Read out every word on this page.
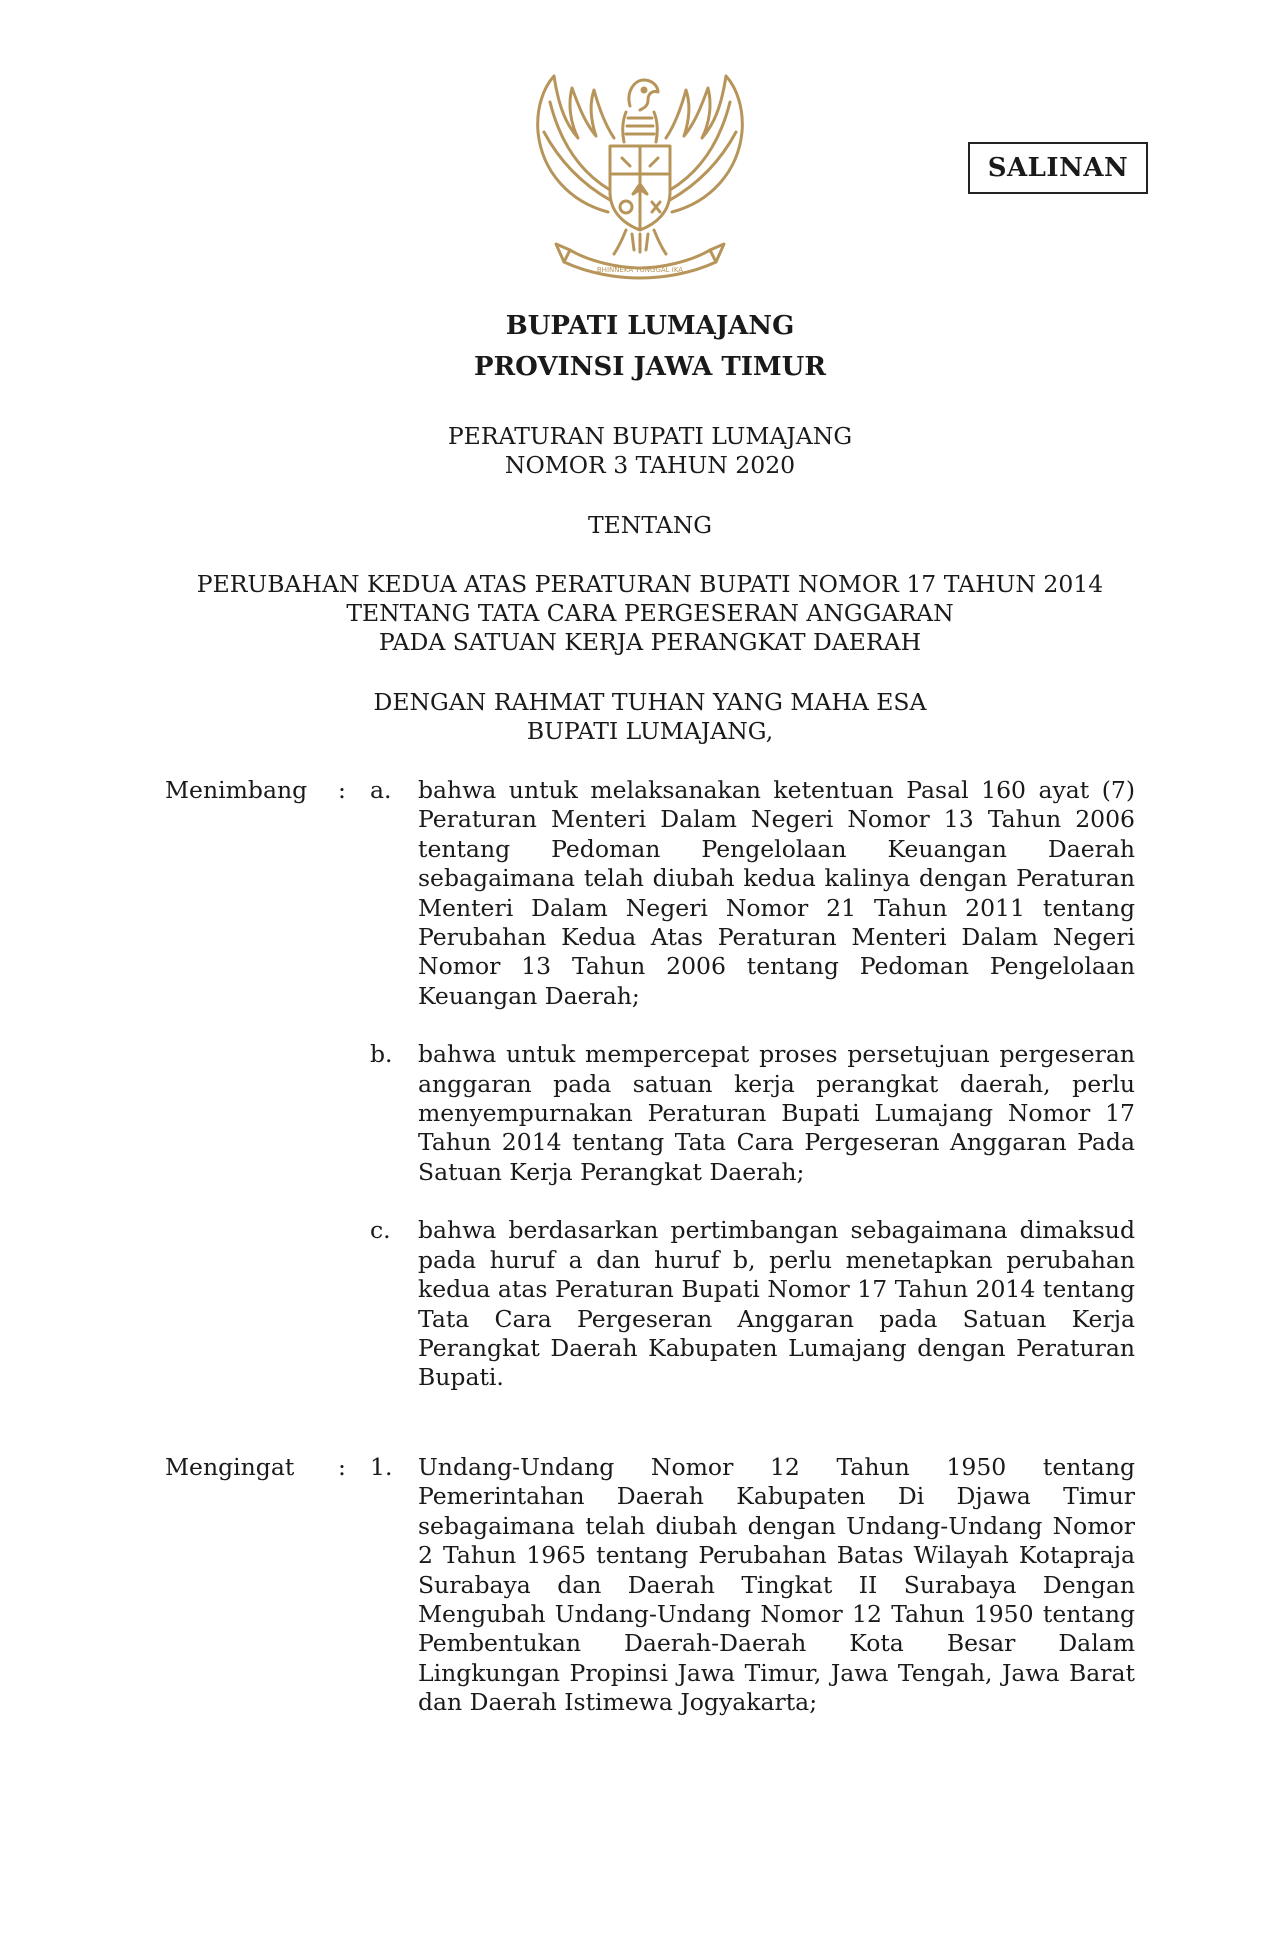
BHINNEKA TUNGGAL IKA
SALINAN
BUPATI LUMAJANG
PROVINSI JAWA TIMUR
PERATURAN BUPATI LUMAJANG
NOMOR 3 TAHUN 2020
TENTANG
PERUBAHAN KEDUA ATAS PERATURAN BUPATI NOMOR 17 TAHUN 2014
TENTANG TATA CARA PERGESERAN ANGGARAN
PADA SATUAN KERJA PERANGKAT DAERAH
DENGAN RAHMAT TUHAN YANG MAHA ESA
BUPATI LUMAJANG,
Menimbang : a. bahwa untuk melaksanakan ketentuan Pasal 160 ayat (7) Peraturan Menteri Dalam Negeri Nomor 13 Tahun 2006 tentang Pedoman Pengelolaan Keuangan Daerah sebagaimana telah diubah kedua kalinya dengan Peraturan Menteri Dalam Negeri Nomor 21 Tahun 2011 tentang Perubahan Kedua Atas Peraturan Menteri Dalam Negeri Nomor 13 Tahun 2006 tentang Pedoman Pengelolaan Keuangan Daerah;
b. bahwa untuk mempercepat proses persetujuan pergeseran anggaran pada satuan kerja perangkat daerah, perlu menyempurnakan Peraturan Bupati Lumajang Nomor 17 Tahun 2014 tentang Tata Cara Pergeseran Anggaran Pada Satuan Kerja Perangkat Daerah;
c. bahwa berdasarkan pertimbangan sebagaimana dimaksud pada huruf a dan huruf b, perlu menetapkan perubahan kedua atas Peraturan Bupati Nomor 17 Tahun 2014 tentang Tata Cara Pergeseran Anggaran pada Satuan Kerja Perangkat Daerah Kabupaten Lumajang dengan Peraturan Bupati.
Mengingat : 1. Undang-Undang Nomor 12 Tahun 1950 tentang Pemerintahan Daerah Kabupaten Di Djawa Timur sebagaimana telah diubah dengan Undang-Undang Nomor 2 Tahun 1965 tentang Perubahan Batas Wilayah Kotapraja Surabaya dan Daerah Tingkat II Surabaya Dengan Mengubah Undang-Undang Nomor 12 Tahun 1950 tentang Pembentukan Daerah-Daerah Kota Besar Dalam Lingkungan Propinsi Jawa Timur, Jawa Tengah, Jawa Barat dan Daerah Istimewa Jogyakarta;
